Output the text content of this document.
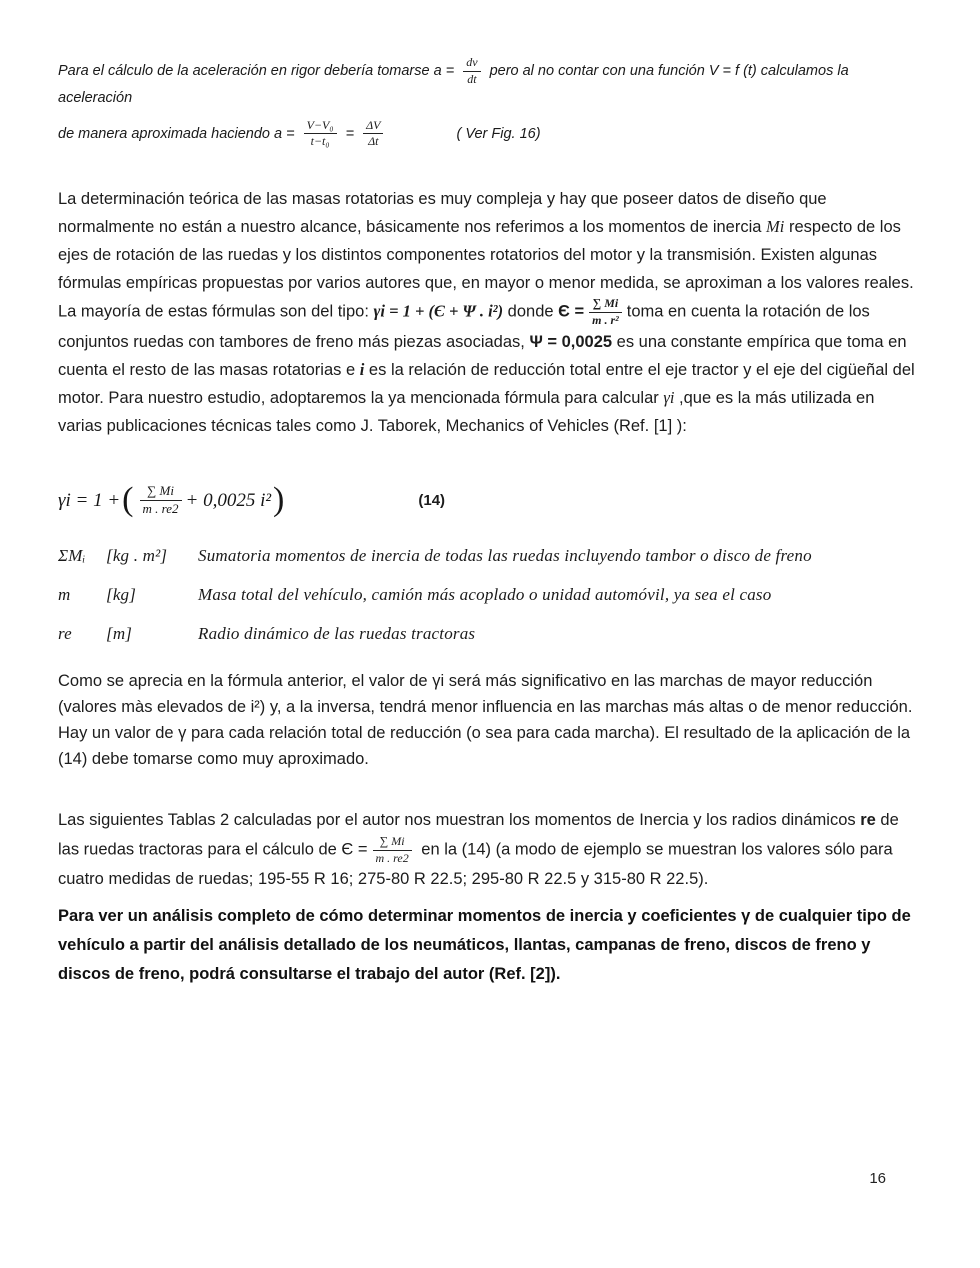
Para el cálculo de la aceleración en rigor debería tomarse $a = \frac{dv}{dt}$ pero al no contar con una función V = f (t) calculamos la aceleración
de manera aproximada haciendo $a = \frac{\text{V−V₀}}{\text{t−t₀}} = \frac{\Delta V}{\Delta t}$	( Ver Fig. 16)

La determinación teórica de las masas rotatorias es muy compleja y hay que poseer datos de diseño que normalmente no están a nuestro alcance, básicamente nos referimos a los momentos de inercia Mi respecto de los ejes de rotación de las ruedas y los distintos componentes rotatorios del motor y la transmisión. Existen algunas fórmulas empíricas propuestas por varios autores que, en mayor o menor medida, se aproximan a los valores reales. La mayoría de estas fórmulas son del tipo: γi = 1 + (Є + Ψ . i²) donde $Є = \frac{\sum Mi}{\text{m . r²}}$ toma en cuenta la rotación de los conjuntos ruedas con tambores de freno más piezas asociadas, Ψ = 0,0025 es una constante empírica que toma en cuenta el resto de las masas rotatorias e i es la relación de reducción total entre el eje tractor y el eje del cigüeñal del motor. Para nuestro estudio, adoptaremos la ya mencionada fórmula para calcular γi ,que es la más utilizada en varias publicaciones técnicas tales como J. Taborek, Mechanics of Vehicles (Ref. [1] ):

γi = 1 + ( $\frac{\sum Mi}{m . re2} + 0,0025$ i² )	(14)
ΣMᵢ	[kg . m²]	Sumatoria momentos de inercia de todas las ruedas incluyendo tambor o disco de freno
m	[kg]	Masa total del vehículo, camión más acoplado o unidad automóvil, ya sea el caso
re	[m]	Radio dinámico de las ruedas tractoras

Como se aprecia en la fórmula anterior, el valor de γi será más significativo en las marchas de mayor reducción (valores màs elevados de i²) y, a la inversa, tendrá menor influencia en las marchas más altas o de menor reducción. Hay un valor de γ para cada relación total de reducción (o sea para cada marcha). El resultado de la aplicación de la (14) debe tomarse como muy aproximado.

Las siguientes Tablas 2 calculadas por el autor nos muestran los momentos de Inercia y los radios dinámicos re de las ruedas tractoras para el cálculo de $Є = \frac{\sum Mi}{m . re2}$ en la (14) (a modo de ejemplo se muestran los valores sólo para cuatro medidas de ruedas; 195-55 R 16; 275-80 R 22.5; 295-80 R 22.5 y 315-80 R 22.5).

Para ver un análisis completo de cómo determinar momentos de inercia y coeficientes γ de cualquier tipo de vehículo a partir del análisis detallado de los neumáticos, llantas, campanas de freno, discos de freno y discos de freno, podrá consultarse el trabajo del autor (Ref. [2]).

16
